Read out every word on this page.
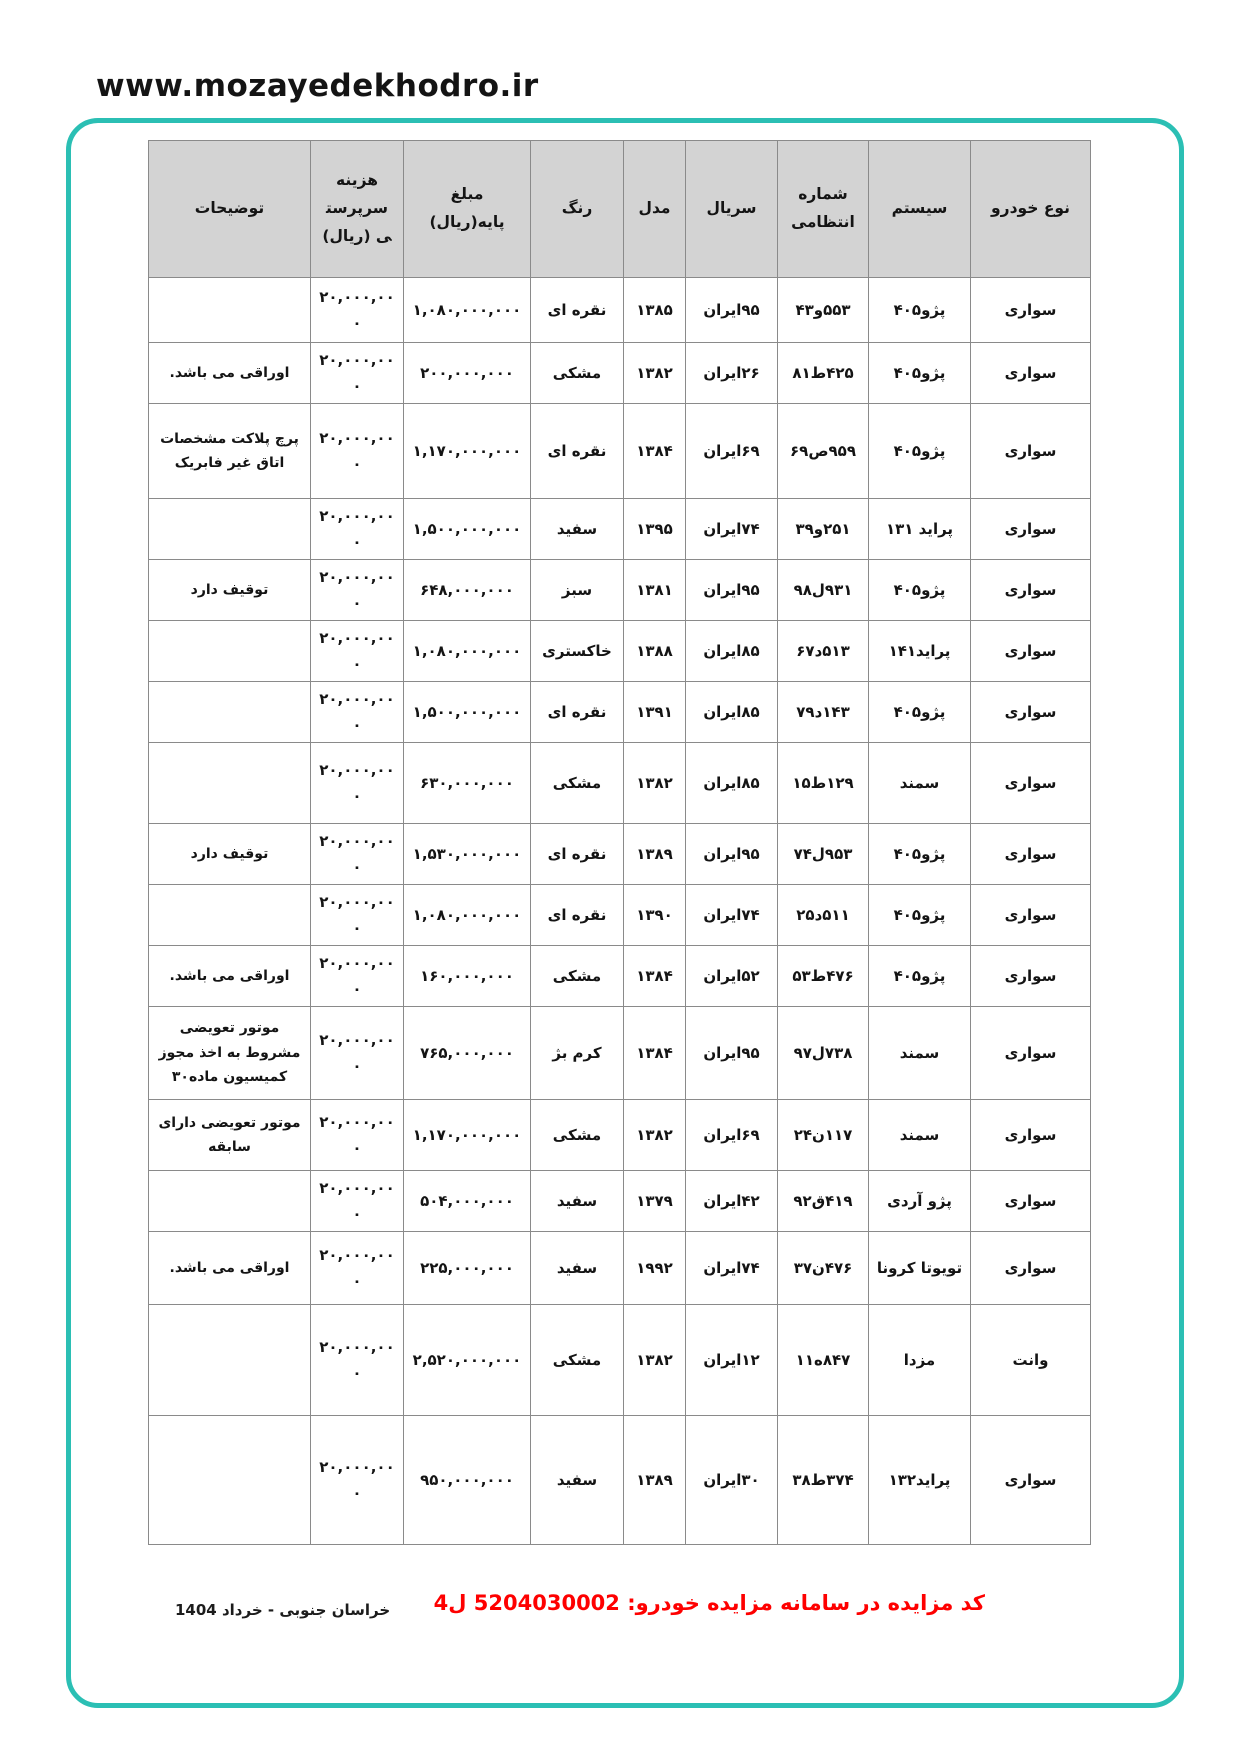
www.mozayedekhodro.ir
نوع خودرو	سیستم	شماره انتظامی	سریال	مدل	رنگ	مبلغ پایه(ریال)	هزینه سرپرستی (ریال)	توضیحات
سواری	پژو۴۰۵	۴۳و۵۵۳	ایران۹۵	۱۳۸۵	نقره ای	۱,۰۸۰,۰۰۰,۰۰۰	۲۰,۰۰۰,۰۰۰	
سواری	پژو۴۰۵	۸۱ط۴۲۵	ایران۲۶	۱۳۸۲	مشکی	۲۰۰,۰۰۰,۰۰۰	۲۰,۰۰۰,۰۰۰	اوراقی می باشد.
سواری	پژو۴۰۵	۶۹ص۹۵۹	ایران۶۹	۱۳۸۴	نقره ای	۱,۱۷۰,۰۰۰,۰۰۰	۲۰,۰۰۰,۰۰۰	پرچ پلاکت مشخصات اتاق غیر فابریک
سواری	پراید ۱۳۱	۳۹و۲۵۱	ایران۷۴	۱۳۹۵	سفید	۱,۵۰۰,۰۰۰,۰۰۰	۲۰,۰۰۰,۰۰۰	
سواری	پژو۴۰۵	۹۸ل۹۳۱	ایران۹۵	۱۳۸۱	سبز	۶۴۸,۰۰۰,۰۰۰	۲۰,۰۰۰,۰۰۰	توقیف دارد
سواری	پراید۱۴۱	۶۷د۵۱۳	ایران۸۵	۱۳۸۸	خاکستری	۱,۰۸۰,۰۰۰,۰۰۰	۲۰,۰۰۰,۰۰۰	
سواری	پژو۴۰۵	۷۹د۱۴۳	ایران۸۵	۱۳۹۱	نقره ای	۱,۵۰۰,۰۰۰,۰۰۰	۲۰,۰۰۰,۰۰۰	
سواری	سمند	۱۵ط۱۲۹	ایران۸۵	۱۳۸۲	مشکی	۶۳۰,۰۰۰,۰۰۰	۲۰,۰۰۰,۰۰۰	
سواری	پژو۴۰۵	۷۴ل۹۵۳	ایران۹۵	۱۳۸۹	نقره ای	۱,۵۳۰,۰۰۰,۰۰۰	۲۰,۰۰۰,۰۰۰	توقیف دارد
سواری	پژو۴۰۵	۲۵د۵۱۱	ایران۷۴	۱۳۹۰	نقره ای	۱,۰۸۰,۰۰۰,۰۰۰	۲۰,۰۰۰,۰۰۰	
سواری	پژو۴۰۵	۵۳ط۴۷۶	ایران۵۲	۱۳۸۴	مشکی	۱۶۰,۰۰۰,۰۰۰	۲۰,۰۰۰,۰۰۰	اوراقی می باشد.
سواری	سمند	۹۷ل۷۳۸	ایران۹۵	۱۳۸۴	کرم بژ	۷۶۵,۰۰۰,۰۰۰	۲۰,۰۰۰,۰۰۰	موتور تعویضی مشروط به اخذ مجوز کمیسیون ماده۳۰
سواری	سمند	۲۴ن۱۱۷	ایران۶۹	۱۳۸۲	مشکی	۱,۱۷۰,۰۰۰,۰۰۰	۲۰,۰۰۰,۰۰۰	موتور تعویضی دارای سابقه
سواری	پژو آردی	۹۲ق۴۱۹	ایران۴۲	۱۳۷۹	سفید	۵۰۴,۰۰۰,۰۰۰	۲۰,۰۰۰,۰۰۰	
سواری	تویوتا کرونا	۳۷ن۴۷۶	ایران۷۴	۱۹۹۲	سفید	۲۲۵,۰۰۰,۰۰۰	۲۰,۰۰۰,۰۰۰	اوراقی می باشد.
وانت	مزدا	۱۱ه۸۴۷	ایران۱۲	۱۳۸۲	مشکی	۲,۵۲۰,۰۰۰,۰۰۰	۲۰,۰۰۰,۰۰۰	
سواری	پراید۱۳۲	۳۸ط۳۷۴	ایران۳۰	۱۳۸۹	سفید	۹۵۰,۰۰۰,۰۰۰	۲۰,۰۰۰,۰۰۰	
خراسان جنوبی - خرداد 1404 کد مزایده در سامانه مزایده خودرو: 5204030002 ل4
